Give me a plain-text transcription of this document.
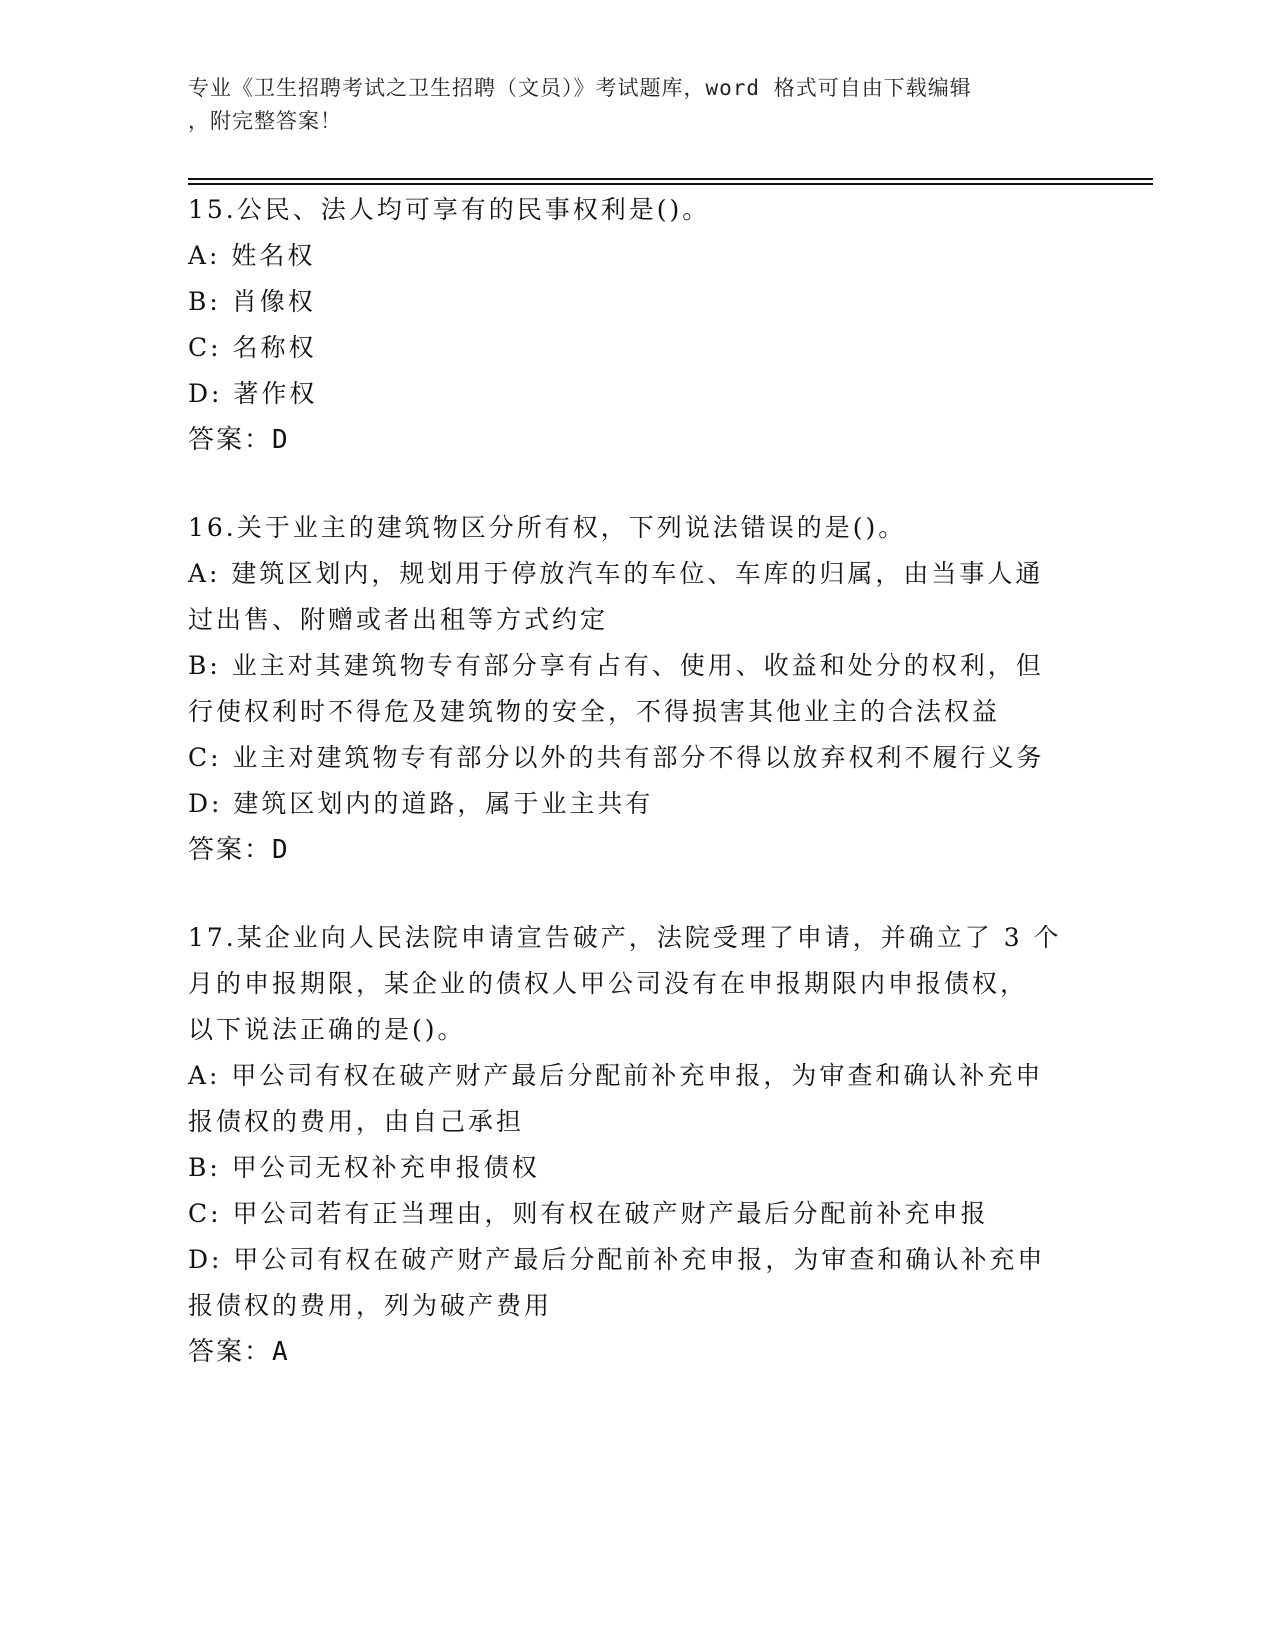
专业《卫生招聘考试之卫生招聘（文员）》考试题库，word 格式可自由下载编辑
，附完整答案！
15.公民、法人均可享有的民事权利是()。
A: 姓名权
B: 肖像权
C: 名称权
D: 著作权
答案：D
16.关于业主的建筑物区分所有权，下列说法错误的是()。
A: 建筑区划内，规划用于停放汽车的车位、车库的归属，由当事人通
过出售、附赠或者出租等方式约定
B: 业主对其建筑物专有部分享有占有、使用、收益和处分的权利，但
行使权利时不得危及建筑物的安全，不得损害其他业主的合法权益
C: 业主对建筑物专有部分以外的共有部分不得以放弃权利不履行义务
D: 建筑区划内的道路，属于业主共有
答案：D
17.某企业向人民法院申请宣告破产，法院受理了申请，并确立了 3 个
月的申报期限，某企业的债权人甲公司没有在申报期限内申报债权，
以下说法正确的是()。
A: 甲公司有权在破产财产最后分配前补充申报，为审查和确认补充申
报债权的费用，由自己承担
B: 甲公司无权补充申报债权
C: 甲公司若有正当理由，则有权在破产财产最后分配前补充申报
D: 甲公司有权在破产财产最后分配前补充申报，为审查和确认补充申
报债权的费用，列为破产费用
答案：A
